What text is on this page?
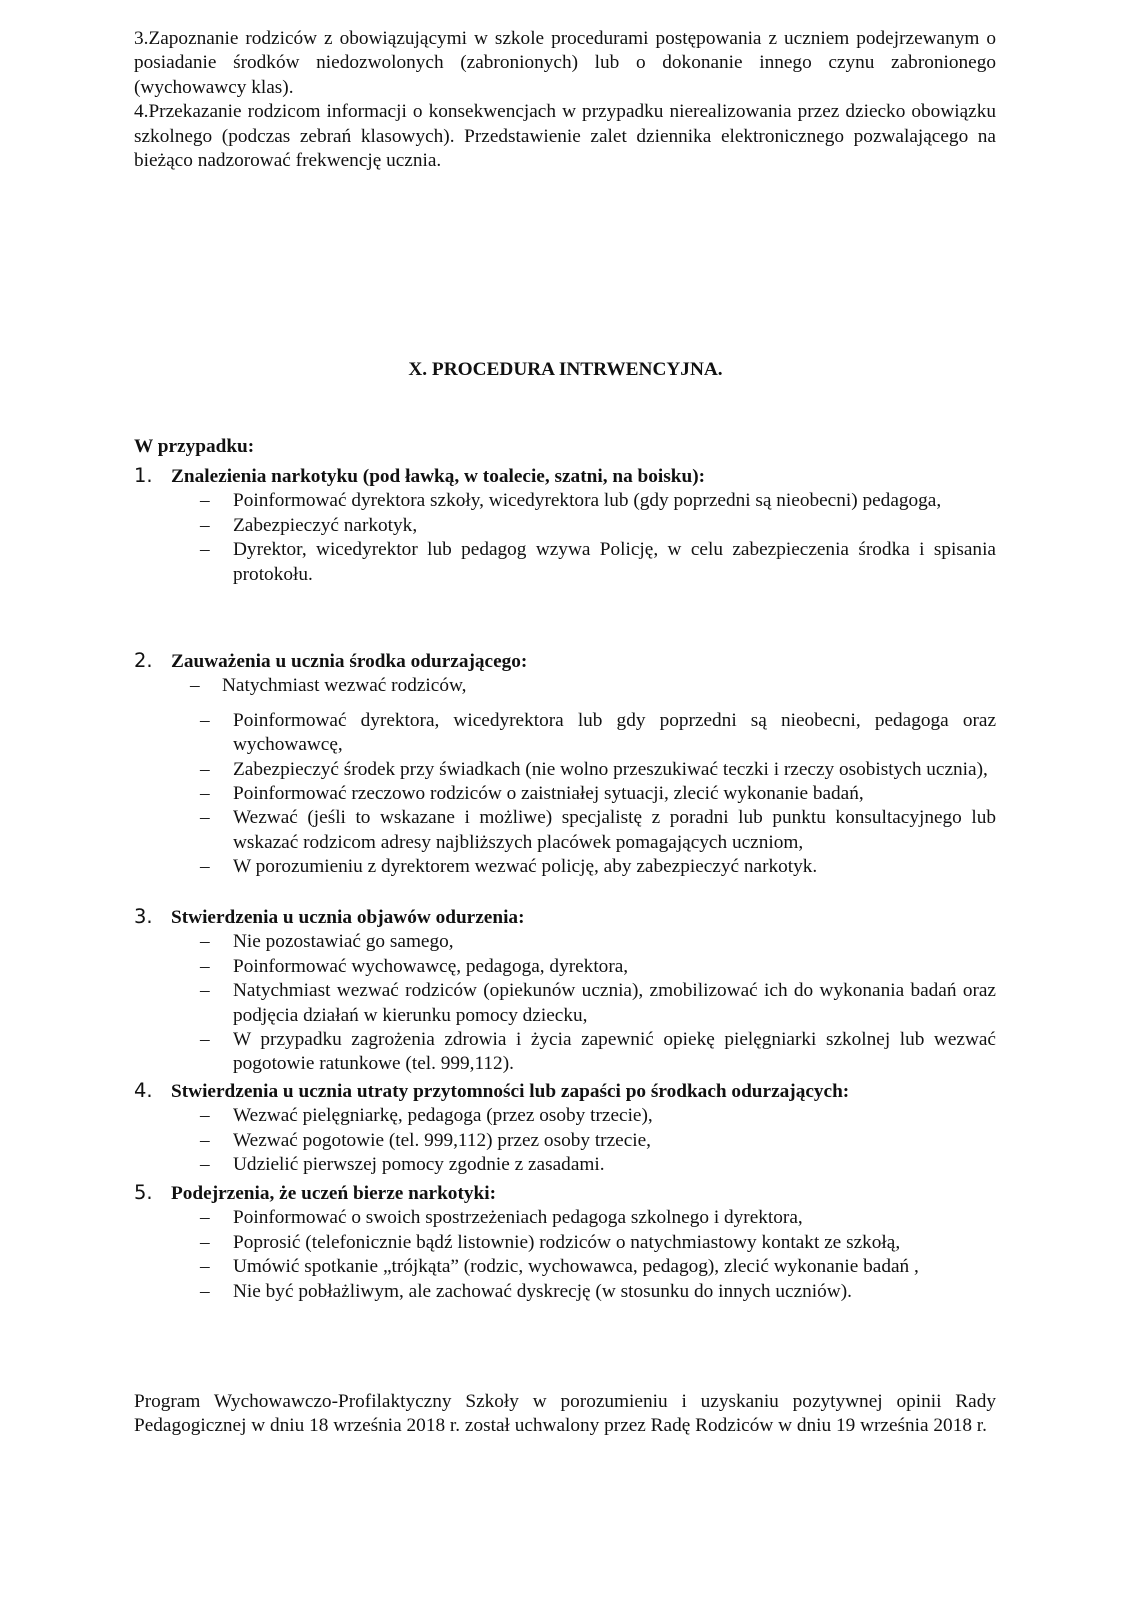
3.Zapoznanie rodziców z obowiązującymi w szkole procedurami postępowania z uczniem podejrzewanym o posiadanie środków niedozwolonych (zabronionych) lub o dokonanie innego czynu zabronionego (wychowawcy klas).

4.Przekazanie rodzicom informacji o konsekwencjach w przypadku nierealizowania przez dziecko obowiązku szkolnego (podczas zebrań klasowych). Przedstawienie zalet dziennika elektronicznego pozwalającego na bieżąco nadzorować frekwencję ucznia.

X. PROCEDURA INTRWENCYJNA.

W przypadku:

1. Znalezienia narkotyku (pod ławką, w toalecie, szatni, na boisku):
– Poinformować dyrektora szkoły, wicedyrektora lub (gdy poprzedni są nieobecni) pedagoga,
– Zabezpieczyć narkotyk,
– Dyrektor, wicedyrektor lub pedagog wzywa Policję, w celu zabezpieczenia środka i spisania protokołu.
2. Zauważenia u ucznia środka odurzającego:
– Natychmiast wezwać rodziców,
– Poinformować dyrektora, wicedyrektora lub gdy poprzedni są nieobecni, pedagoga oraz wychowawcę,
– Zabezpieczyć środek przy świadkach (nie wolno przeszukiwać teczki i rzeczy osobistych ucznia),
– Poinformować rzeczowo rodziców o zaistniałej sytuacji, zlecić wykonanie badań,
– Wezwać (jeśli to wskazane i możliwe) specjalistę z poradni lub punktu konsultacyjnego lub wskazać rodzicom adresy najbliższych placówek pomagających uczniom,
– W porozumieniu z dyrektorem wezwać policję, aby zabezpieczyć narkotyk.
3. Stwierdzenia u ucznia objawów odurzenia:
– Nie pozostawiać go samego,
– Poinformować wychowawcę, pedagoga, dyrektora,
– Natychmiast wezwać rodziców (opiekunów ucznia), zmobilizować ich do wykonania badań oraz podjęcia działań w kierunku pomocy dziecku,
– W przypadku zagrożenia zdrowia i życia zapewnić opiekę pielęgniarki szkolnej lub wezwać pogotowie ratunkowe (tel. 999,112).
4. Stwierdzenia u ucznia utraty przytomności lub zapaści po środkach odurzających:
– Wezwać pielęgniarkę, pedagoga (przez osoby trzecie),
– Wezwać pogotowie (tel. 999,112) przez osoby trzecie,
– Udzielić pierwszej pomocy zgodnie z zasadami.
5. Podejrzenia, że uczeń bierze narkotyki:
– Poinformować o swoich spostrzeżeniach pedagoga szkolnego i dyrektora,
– Poprosić (telefonicznie bądź listownie) rodziców o natychmiastowy kontakt ze szkołą,
– Umówić spotkanie „trójkąta” (rodzic, wychowawca, pedagog), zlecić wykonanie badań ,
– Nie być pobłażliwym, ale zachować dyskrecję (w stosunku do innych uczniów).

Program Wychowawczo-Profilaktyczny Szkoły w porozumieniu i uzyskaniu pozytywnej opinii Rady Pedagogicznej w dniu 18 września 2018 r. został uchwalony przez Radę Rodziców w dniu 19 września 2018 r.
